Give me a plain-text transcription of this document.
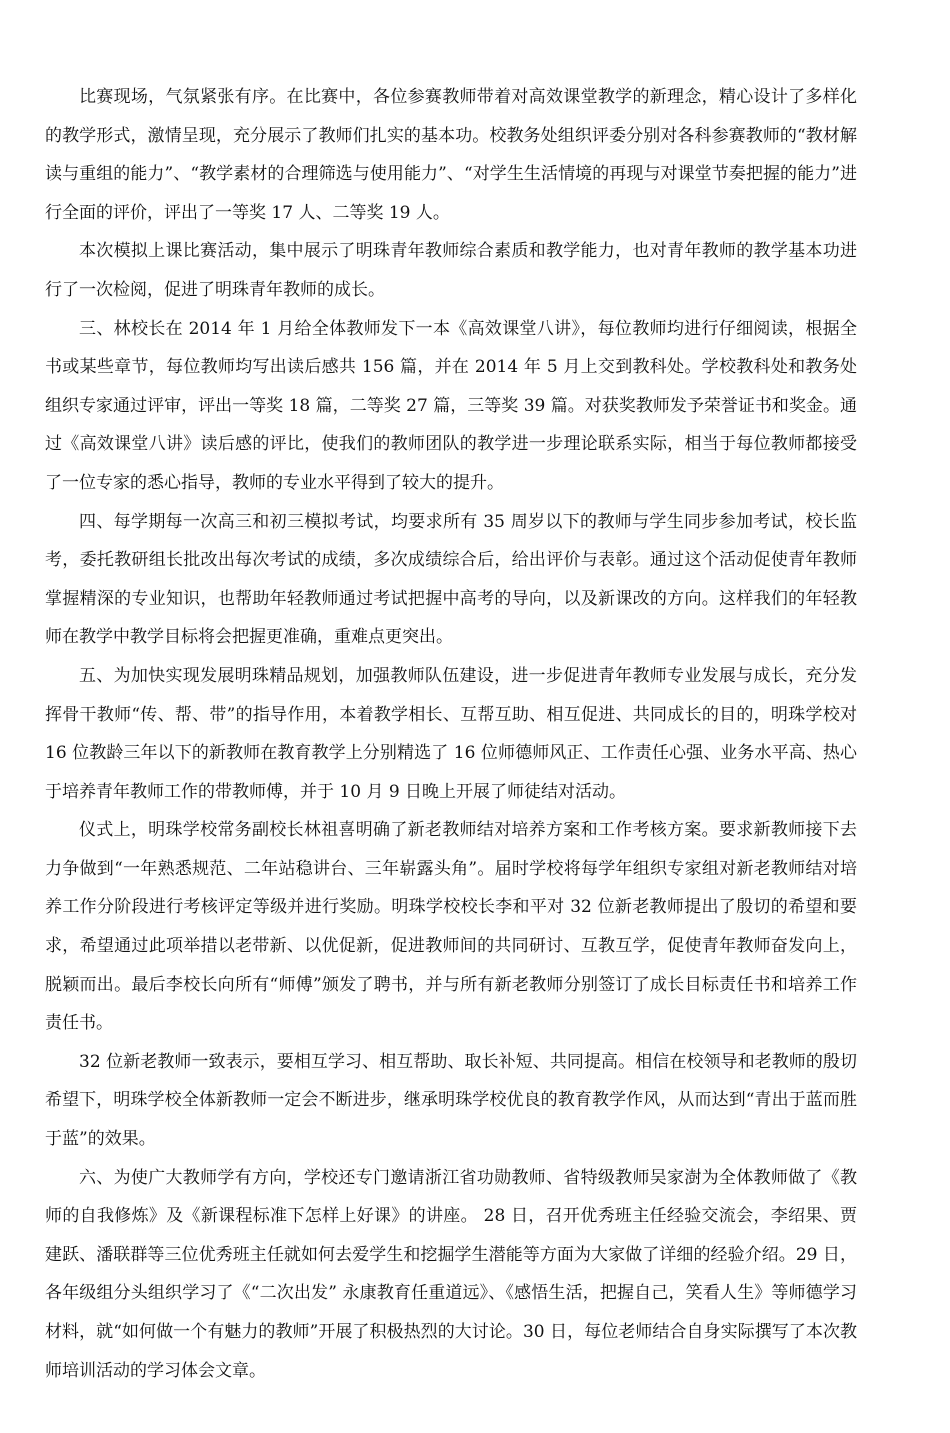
比赛现场，气氛紧张有序。在比赛中，各位参赛教师带着对高效课堂教学的新理念，精心设计了多样化的教学形式，激情呈现，充分展示了教师们扎实的基本功。校教务处组织评委分别对各科参赛教师的“教材解读与重组的能力”、“教学素材的合理筛选与使用能力”、“对学生生活情境的再现与对课堂节奏把握的能力”进行全面的评价，评出了一等奖 17 人、二等奖 19 人。

本次模拟上课比赛活动，集中展示了明珠青年教师综合素质和教学能力，也对青年教师的教学基本功进行了一次检阅，促进了明珠青年教师的成长。

三、林校长在 2014 年 1 月给全体教师发下一本《高效课堂八讲》，每位教师均进行仔细阅读，根据全书或某些章节，每位教师均写出读后感共 156 篇，并在 2014 年 5 月上交到教科处。学校教科处和教务处组织专家通过评审，评出一等奖 18 篇，二等奖 27 篇，三等奖 39 篇。对获奖教师发予荣誉证书和奖金。通过《高效课堂八讲》读后感的评比，使我们的教师团队的教学进一步理论联系实际，相当于每位教师都接受了一位专家的悉心指导，教师的专业水平得到了较大的提升。

四、每学期每一次高三和初三模拟考试，均要求所有 35 周岁以下的教师与学生同步参加考试，校长监考，委托教研组长批改出每次考试的成绩，多次成绩综合后，给出评价与表彰。通过这个活动促使青年教师掌握精深的专业知识，也帮助年轻教师通过考试把握中高考的导向，以及新课改的方向。这样我们的年轻教师在教学中教学目标将会把握更准确，重难点更突出。

五、为加快实现发展明珠精品规划，加强教师队伍建设，进一步促进青年教师专业发展与成长，充分发挥骨干教师“传、帮、带”的指导作用，本着教学相长、互帮互助、相互促进、共同成长的目的，明珠学校对 16 位教龄三年以下的新教师在教育教学上分别精选了 16 位师德师风正、工作责任心强、业务水平高、热心于培养青年教师工作的带教师傅，并于 10 月 9 日晚上开展了师徒结对活动。

仪式上，明珠学校常务副校长林祖喜明确了新老教师结对培养方案和工作考核方案。要求新教师接下去力争做到“一年熟悉规范、二年站稳讲台、三年崭露头角”。届时学校将每学年组织专家组对新老教师结对培养工作分阶段进行考核评定等级并进行奖励。明珠学校校长李和平对 32 位新老教师提出了殷切的希望和要求，希望通过此项举措以老带新、以优促新，促进教师间的共同研讨、互教互学，促使青年教师奋发向上，脱颖而出。最后李校长向所有“师傅”颁发了聘书，并与所有新老教师分别签订了成长目标责任书和培养工作责任书。

32 位新老教师一致表示，要相互学习、相互帮助、取长补短、共同提高。相信在校领导和老教师的殷切希望下，明珠学校全体新教师一定会不断进步，继承明珠学校优良的教育教学作风，从而达到“青出于蓝而胜于蓝”的效果。

六、为使广大教师学有方向，学校还专门邀请浙江省功勋教师、省特级教师吴家澍为全体教师做了《教师的自我修炼》及《新课程标准下怎样上好课》的讲座。 28 日，召开优秀班主任经验交流会，李绍果、贾建跃、潘联群等三位优秀班主任就如何去爱学生和挖掘学生潜能等方面为大家做了详细的经验介绍。29 日，各年级组分头组织学习了《“二次出发” 永康教育任重道远》、《感悟生活，把握自己，笑看人生》等师德学习材料，就“如何做一个有魅力的教师”开展了积极热烈的大讨论。30 日，每位老师结合自身实际撰写了本次教师培训活动的学习体会文章。
